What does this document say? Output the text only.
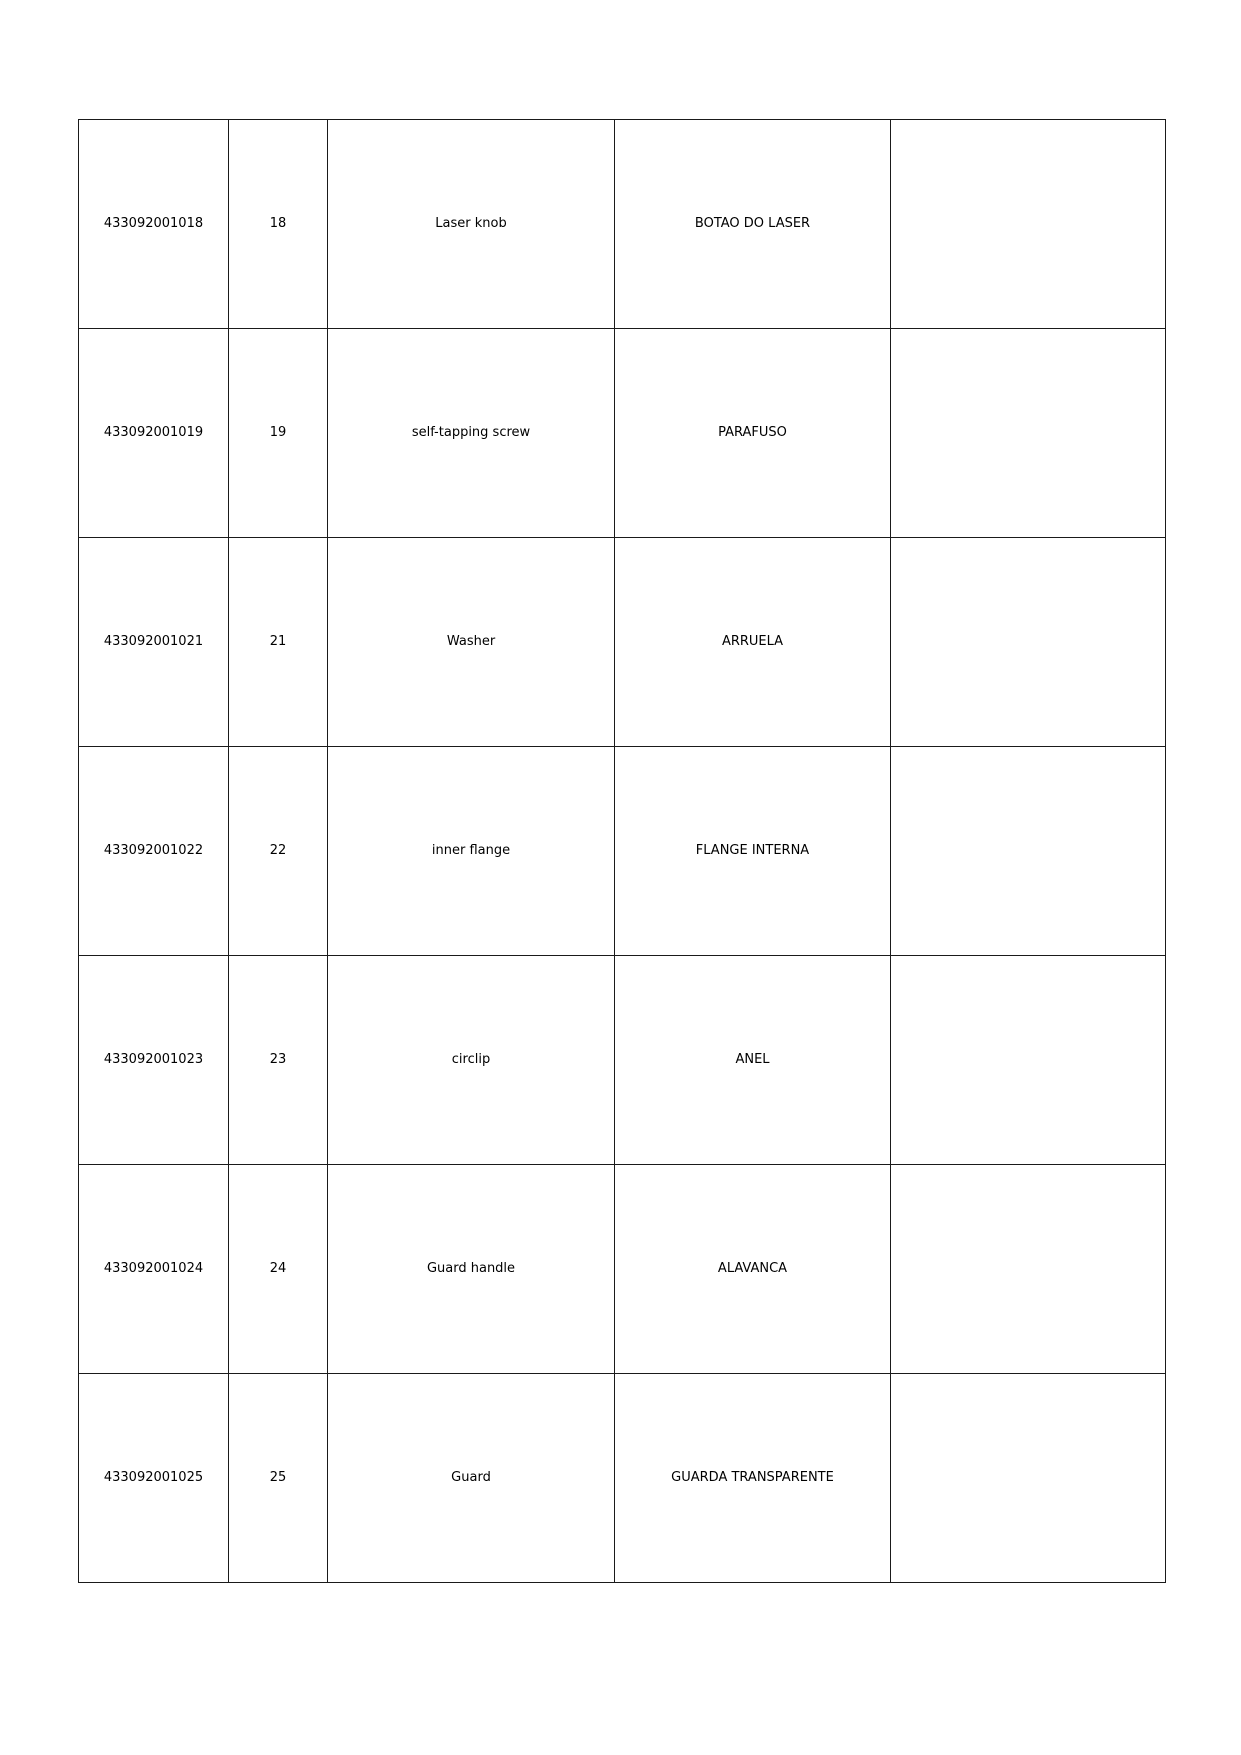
433092001018	18	Laser knob	BOTAO DO LASER	
433092001019	19	self-tapping screw	PARAFUSO	
433092001021	21	Washer	ARRUELA	
433092001022	22	inner flange	FLANGE INTERNA	
433092001023	23	circlip	ANEL	
433092001024	24	Guard handle	ALAVANCA	
433092001025	25	Guard	GUARDA TRANSPARENTE	
